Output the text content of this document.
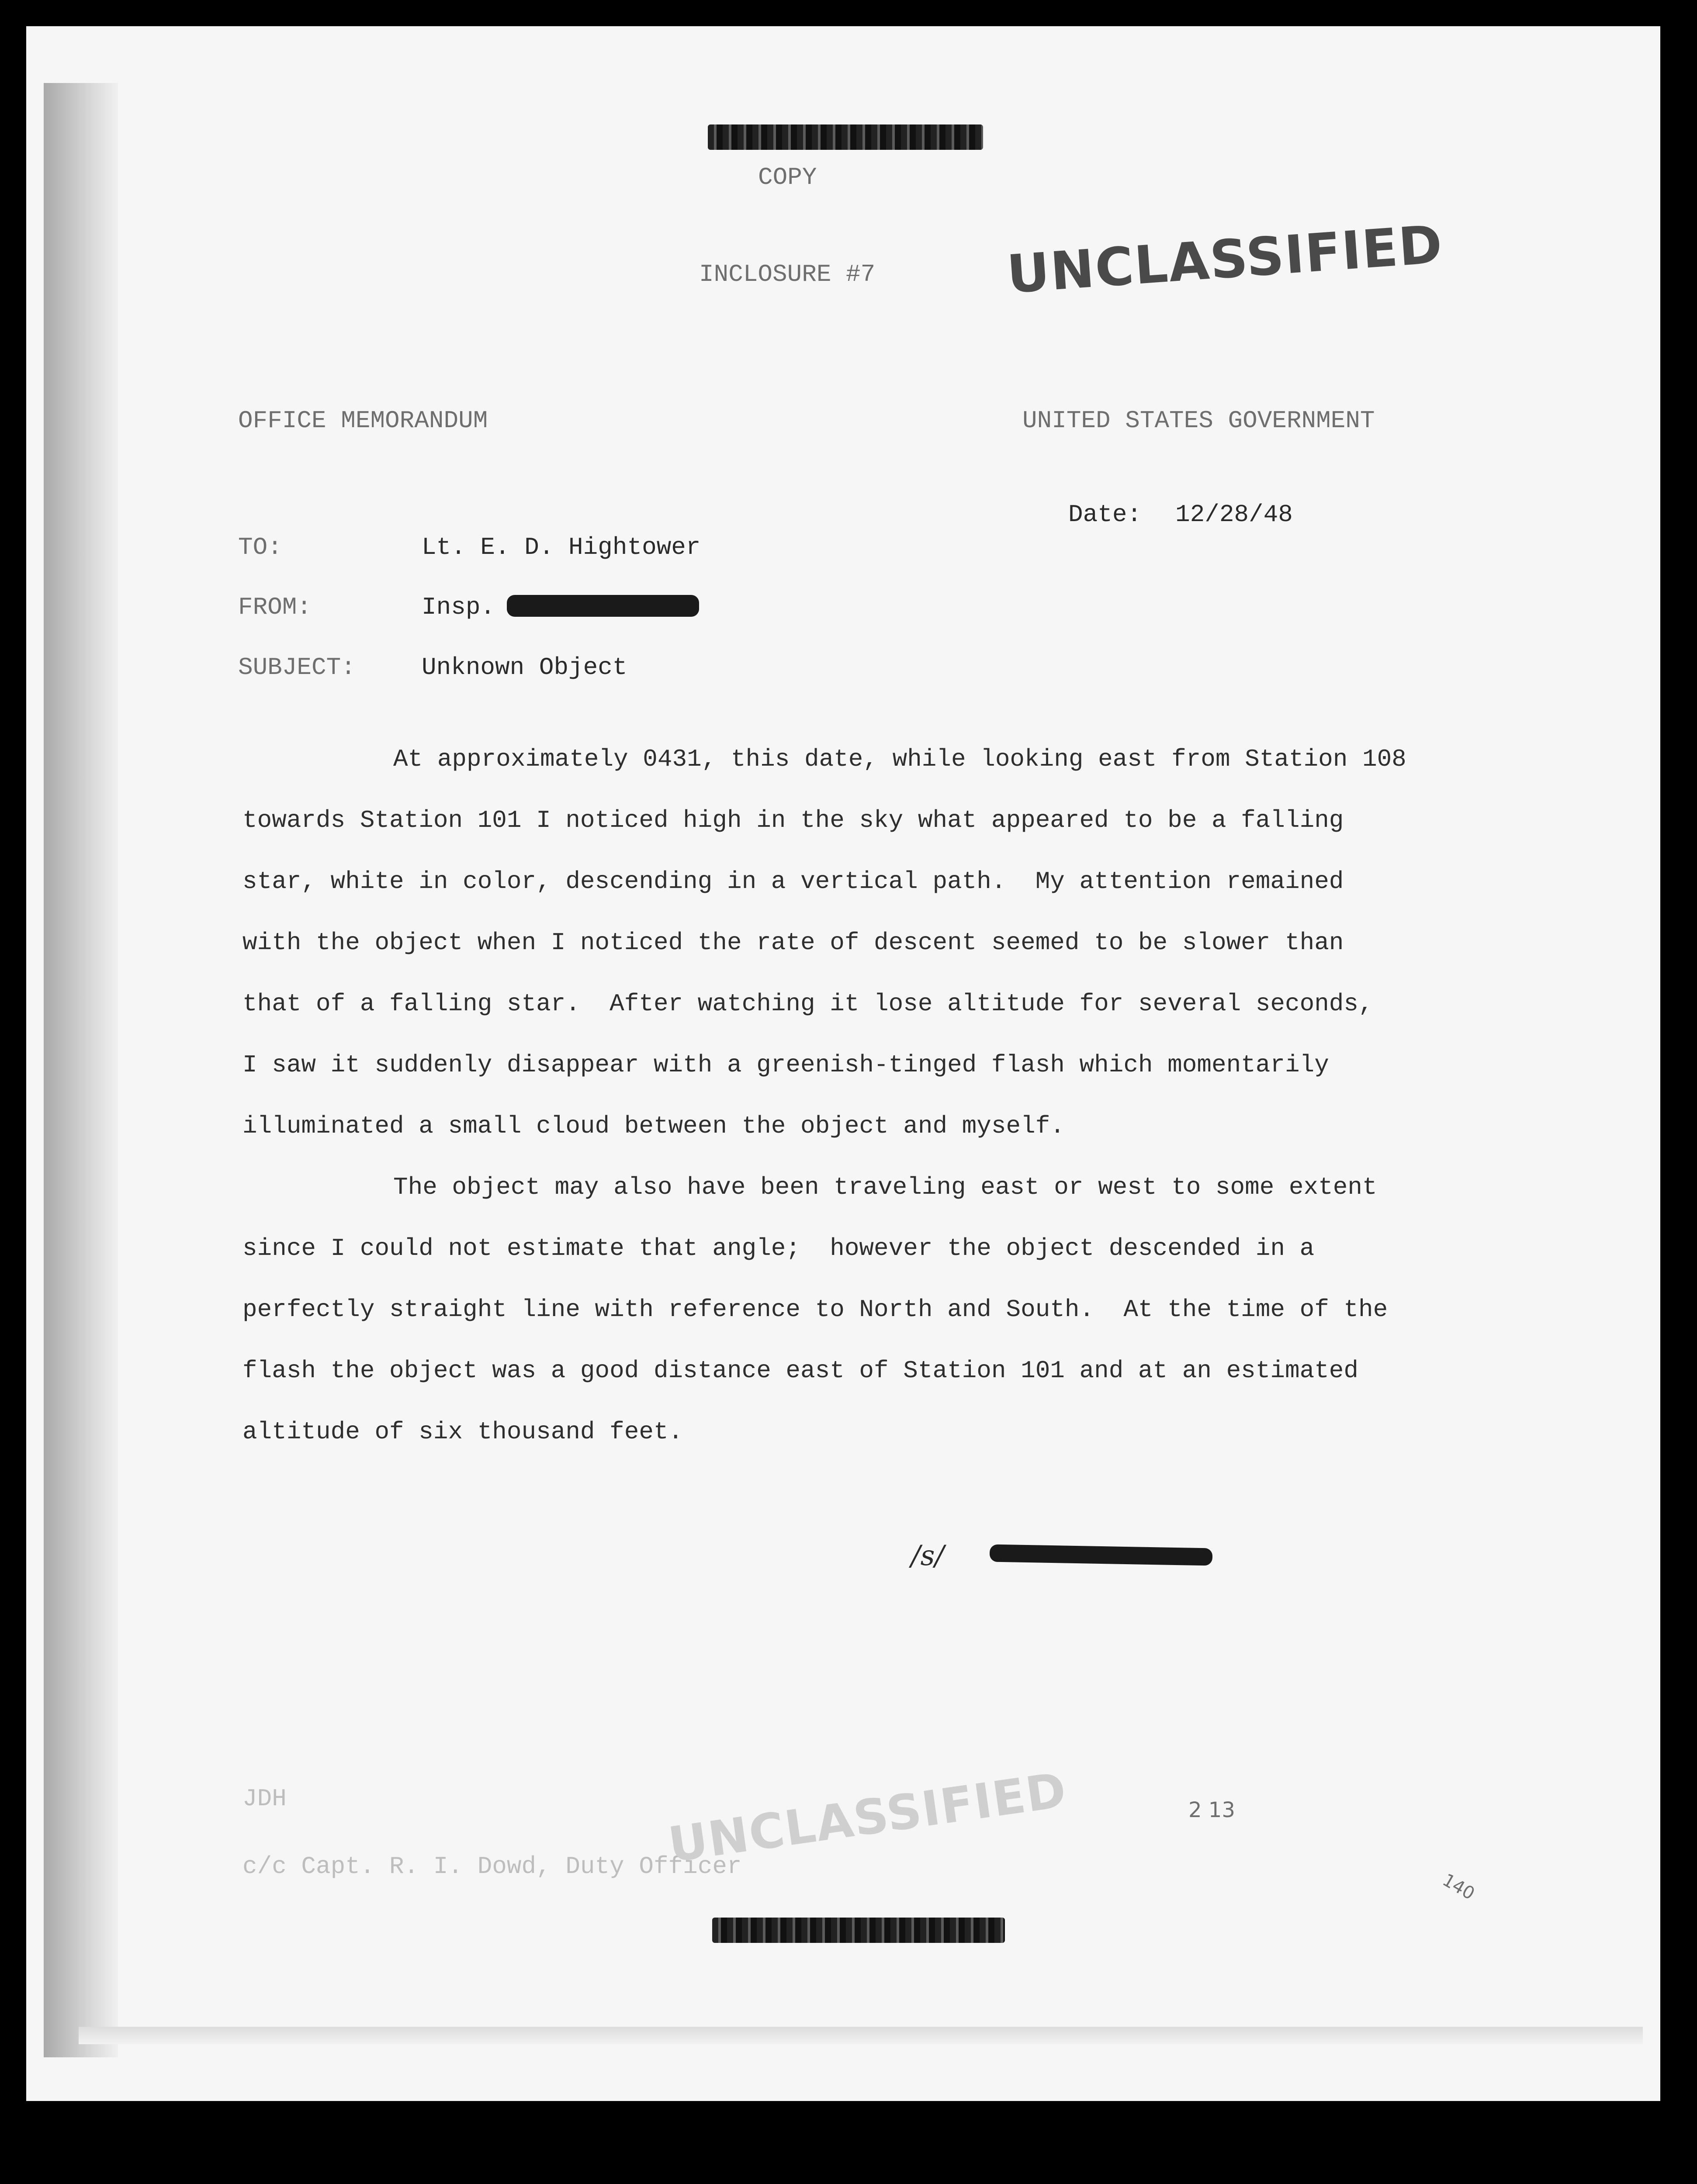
COPY
INCLOSURE #7 UNCLASSIFIED
OFFICE MEMORANDUM	UNITED STATES GOVERNMENT
Date: 12/28/48
TO:	Lt. E. D. Hightower
FROM:	Insp.
SUBJECT:	Unknown Object
At approximately 0431, this date, while looking east from Station 108
towards Station 101 I noticed high in the sky what appeared to be a falling
star, white in color, descending in a vertical path.  My attention remained
with the object when I noticed the rate of descent seemed to be slower than
that of a falling star.  After watching it lose altitude for several seconds,
I saw it suddenly disappear with a greenish-tinged flash which momentarily
illuminated a small cloud between the object and myself.
The object may also have been traveling east or west to some extent
since I could not estimate that angle;  however the object descended in a
perfectly straight line with reference to North and South.  At the time of the
flash the object was a good distance east of Station 101 and at an estimated
altitude of six thousand feet.
/s/
JDH
c/c Capt. R. I. Dowd, Duty Officer
UNCLASSIFIED	2 13
140
